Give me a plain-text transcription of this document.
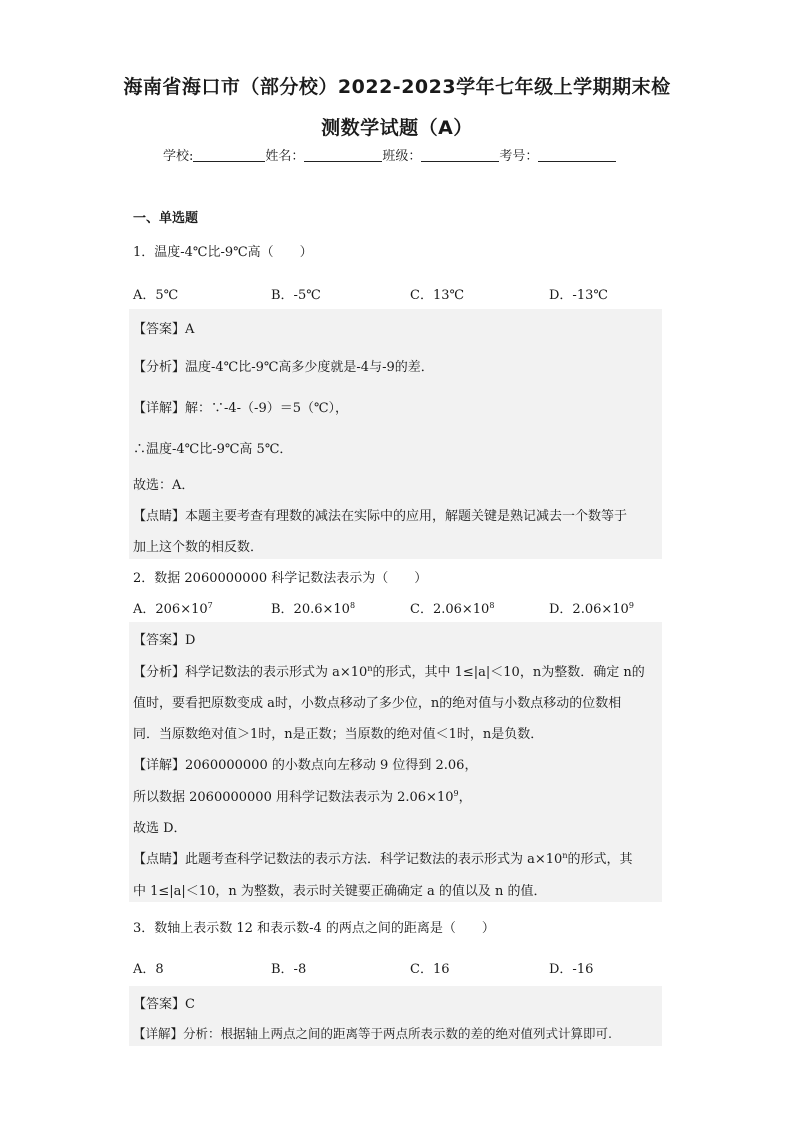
海南省海口市（部分校）2022-2023学年七年级上学期期末检
测数学试题（A）
学校:	姓名：	班级：	考号：
一、单选题
1．温度-4℃比-9℃高（　　）
A．5℃	B．-5℃	C．13℃	D．-13℃
【答案】A
【分析】温度-4℃比-9℃高多少度就是-4与-9的差．
【详解】解：∵-4-（-9）＝5（℃），
∴温度-4℃比-9℃高 5℃．
故选：A．
【点睛】本题主要考查有理数的减法在实际中的应用，解题关键是熟记减去一个数等于
加上这个数的相反数．
2．数据 2060000000 科学记数法表示为（　　）
A．$206\times 10^7$	B．$20.6\times 10^8$	C．$2.06\times 10^8$	D．$2.06\times 10^9$
【答案】D
【分析】科学记数法的表示形式为 $a\times 10^n$的形式，其中 1≤|a|＜10，n为整数．确定 n的
值时，要看把原数变成 a时，小数点移动了多少位，n的绝对值与小数点移动的位数相
同．当原数绝对值＞1时，n是正数；当原数的绝对值＜1时，n是负数．
【详解】2060000000 的小数点向左移动 9 位得到 2.06，
所以数据 2060000000 用科学记数法表示为 $2.06\times 10^9$，
故选 D．
【点睛】此题考查科学记数法的表示方法．科学记数法的表示形式为 $a\times 10^n$的形式，其
中 1≤|a|＜10，n 为整数，表示时关键要正确确定 a 的值以及 n 的值．
3．数轴上表示数 12 和表示数-4 的两点之间的距离是（　　）
A．8	B．-8	C．16	D．-16
【答案】C
【详解】分析：根据轴上两点之间的距离等于两点所表示数的差的绝对值列式计算即可.
